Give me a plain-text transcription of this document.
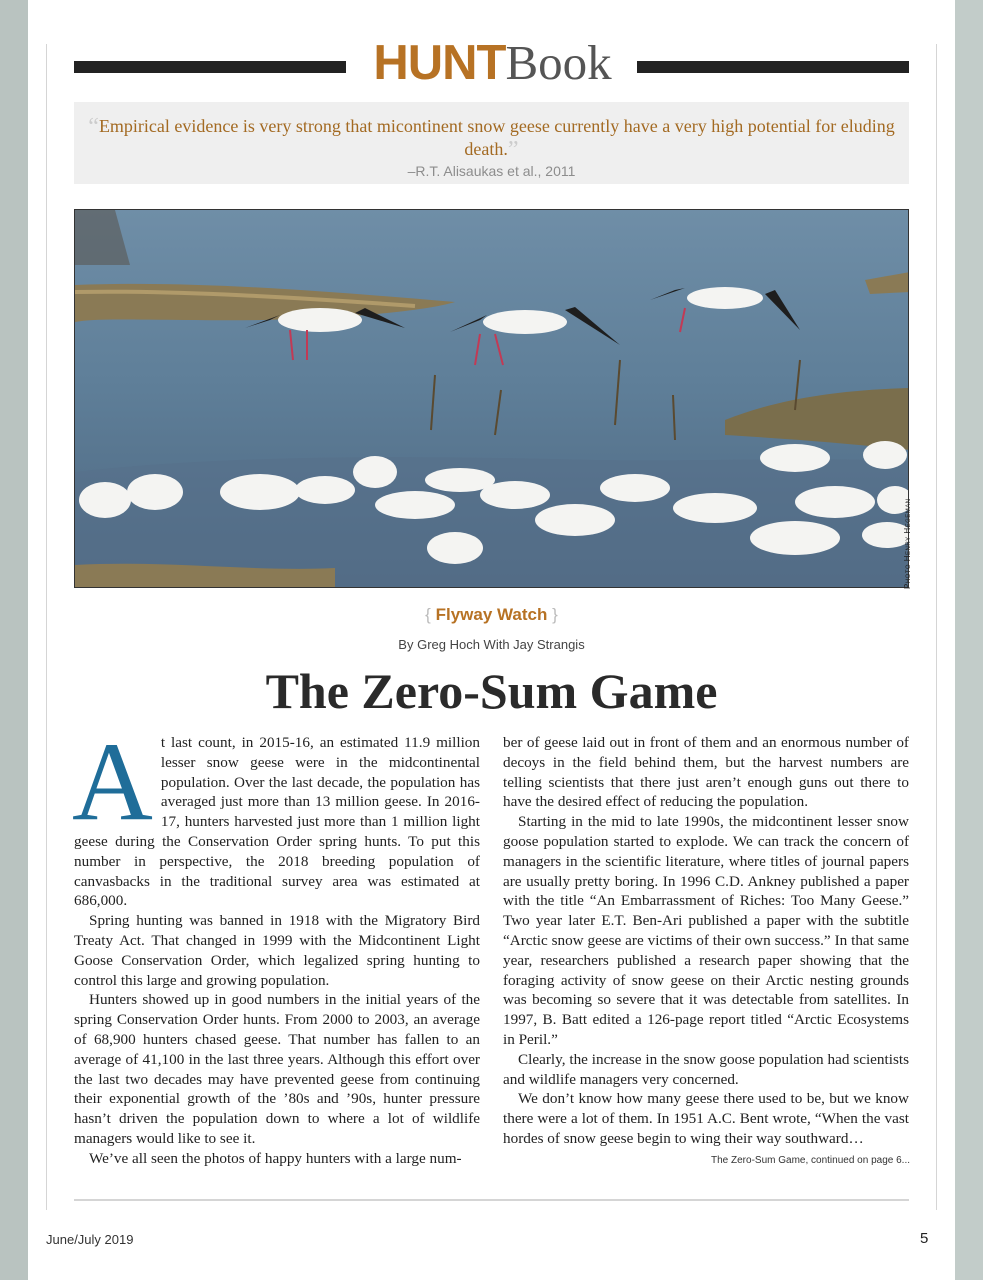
HUNTBook
“Empirical evidence is very strong that micontinent snow geese currently have a very high potential for eluding death.”
–R.T. Alisaukas et al., 2011
Photo Henry Hegeman
{ Flyway Watch }
By Greg Hoch With Jay Strangis
The Zero-Sum Game

At last count, in 2015-16, an estimated 11.9 million lesser snow geese were in the midcontinental population. Over the last decade, the population has averaged just more than 13 million geese. In 2016-17, hunters harvested just more than 1 million light geese during the Conservation Order spring hunts. To put this number in perspective, the 2018 breeding population of canvasbacks in the traditional survey area was estimated at 686,000.

Spring hunting was banned in 1918 with the Migratory Bird Treaty Act. That changed in 1999 with the Midcontinent Light Goose Conservation Order, which legalized spring hunting to control this large and growing population.

Hunters showed up in good numbers in the initial years of the spring Conservation Order hunts. From 2000 to 2003, an average of 68,900 hunters chased geese. That number has fallen to an average of 41,100 in the last three years. Although this effort over the last two decades may have prevented geese from continuing their exponential growth of the ’80s and ’90s, hunter pressure hasn’t driven the population down to where a lot of wildlife managers would like to see it.

We’ve all seen the photos of happy hunters with a large num-

ber of geese laid out in front of them and an enormous number of decoys in the field behind them, but the harvest numbers are telling scientists that there just aren’t enough guns out there to have the desired effect of reducing the population.

Starting in the mid to late 1990s, the midcontinent lesser snow goose population started to explode. We can track the concern of managers in the scientific literature, where titles of journal papers are usually pretty boring. In 1996 C.D. Ankney published a paper with the title “An Embarrassment of Riches: Too Many Geese.” Two year later E.T. Ben-Ari published a paper with the subtitle “Arctic snow geese are victims of their own success.” In that same year, researchers published a research paper showing that the foraging activity of snow geese on their Arctic nesting grounds was becoming so severe that it was detectable from satellites. In 1997, B. Batt edited a 126-page report titled “Arctic Ecosystems in Peril.”

Clearly, the increase in the snow goose population had scientists and wildlife managers very concerned.

We don’t know how many geese there used to be, but we know there were a lot of them. In 1951 A.C. Bent wrote, “When the vast hordes of snow geese begin to wing their way southward…

The Zero-Sum Game, continued on page 6...
June/July 2019	5
